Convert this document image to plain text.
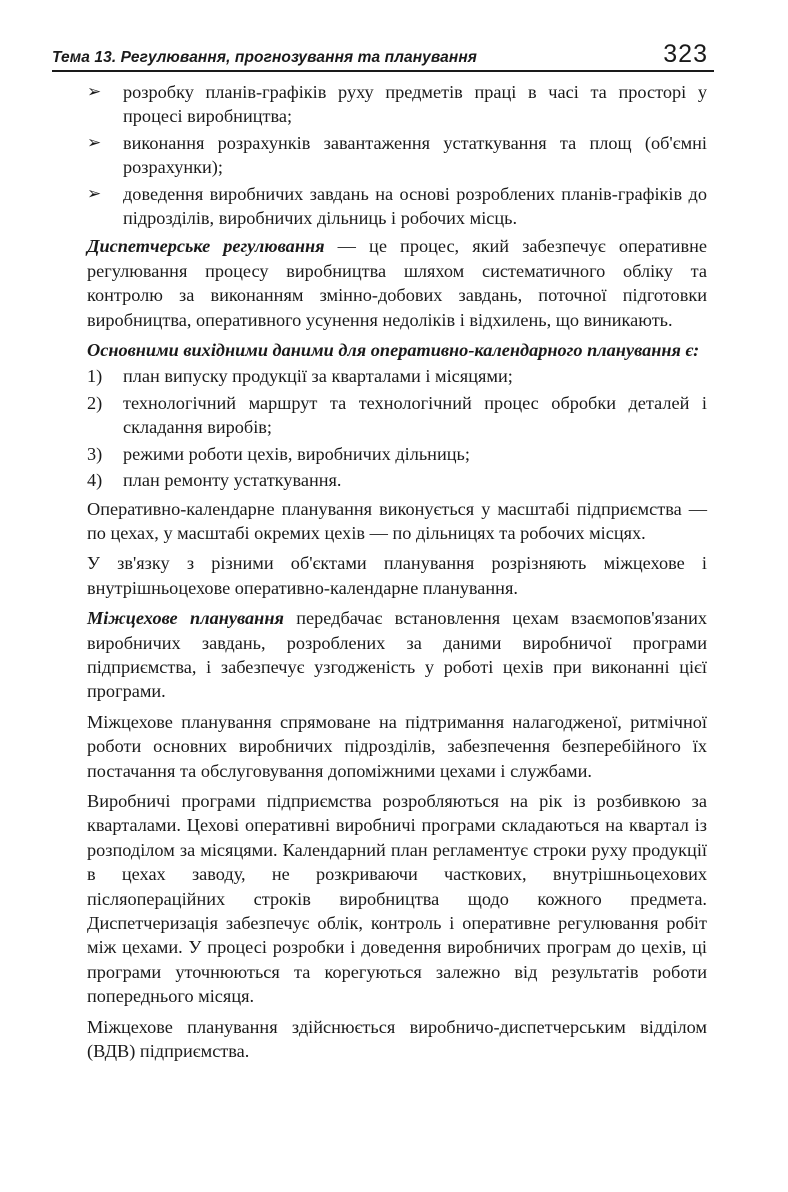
Тема 13. Регулювання, прогнозування та планування	323

➢ розробку планів-графіків руху предметів праці в часі та просторі у процесі виробництва;

➢ виконання розрахунків завантаження устаткування та площ (об'ємні розрахунки);

➢ доведення виробничих завдань на основі розроблених планів-графіків до підрозділів, виробничих дільниць і робочих місць.

Диспетчерське регулювання — це процес, який забезпечує оперативне регулювання процесу виробництва шляхом систематичного обліку та контролю за виконанням змінно-добових завдань, поточної підготовки виробництва, оперативного усунення недоліків і відхилень, що виникають.

Основними вихідними даними для оперативно-календарного планування є:

1) план випуску продукції за кварталами і місяцями;

2) технологічний маршрут та технологічний процес обробки деталей і складання виробів;

3) режими роботи цехів, виробничих дільниць;

4) план ремонту устаткування.

Оперативно-календарне планування виконується у масштабі підприємства — по цехах, у масштабі окремих цехів — по дільницях та робочих місцях.

У зв'язку з різними об'єктами планування розрізняють міжцехове і внутрішньоцехове оперативно-календарне планування.

Міжцехове планування передбачає встановлення цехам взаємопов'язаних виробничих завдань, розроблених за даними виробничої програми підприємства, і забезпечує узгодженість у роботі цехів при виконанні цієї програми.

Міжцехове планування спрямоване на підтримання налагодженої, ритмічної роботи основних виробничих підрозділів, забезпечення безперебійного їх постачання та обслуговування допоміжними цехами і службами.

Виробничі програми підприємства розробляються на рік із розбивкою за кварталами. Цехові оперативні виробничі програми складаються на квартал із розподілом за місяцями. Календарний план регламентує строки руху продукції в цехах заводу, не розкриваючи часткових, внутрішньоцехових післяопераційних строків виробництва щодо кожного предмета. Диспетчеризація забезпечує облік, контроль і оперативне регулювання робіт між цехами. У процесі розробки і доведення виробничих програм до цехів, ці програми уточнюються та корегуються залежно від результатів роботи попереднього місяця.

Міжцехове планування здійснюється виробничо-диспетчерським відділом (ВДВ) підприємства.
